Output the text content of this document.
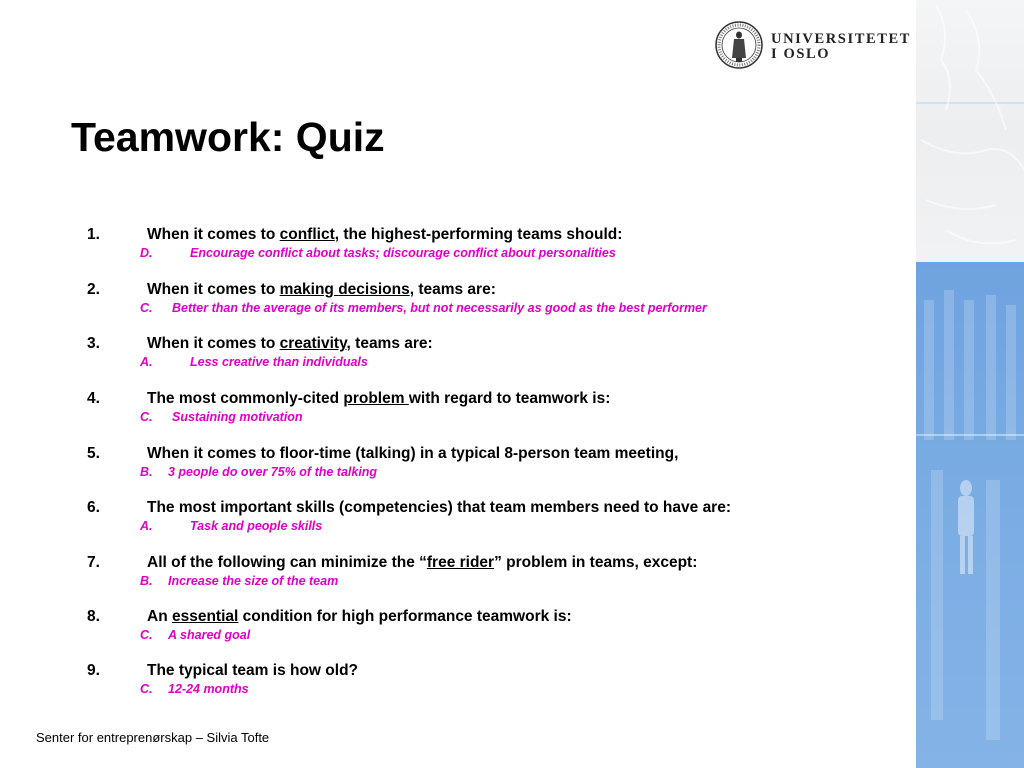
UNIVERSITETET
I OSLO
Teamwork: Quiz
1.	When it comes to conflict, the highest-performing teams should:
D.	Encourage conflict about tasks; discourage conflict about personalities
2.	When it comes to making decisions, teams are:
C. Better than the average of its members, but not necessarily as good as the best performer
3.	When it comes to creativity, teams are:
A.	Less creative than individuals
4.	The most commonly-cited problem with regard to teamwork is:
C. Sustaining motivation
5.	When it comes to floor-time (talking) in a typical 8-person team meeting,
B. 3 people do over 75% of the talking
6.	The most important skills (competencies) that team members need to have are:
A.	Task and people skills
7.	All of the following can minimize the “free rider” problem in teams, except:
B. Increase the size of the team
8.	An essential condition for high performance teamwork is:
C. A shared goal
9.	The typical team is how old?
C. 12-24 months
Senter for entreprenørskap – Silvia Tofte
